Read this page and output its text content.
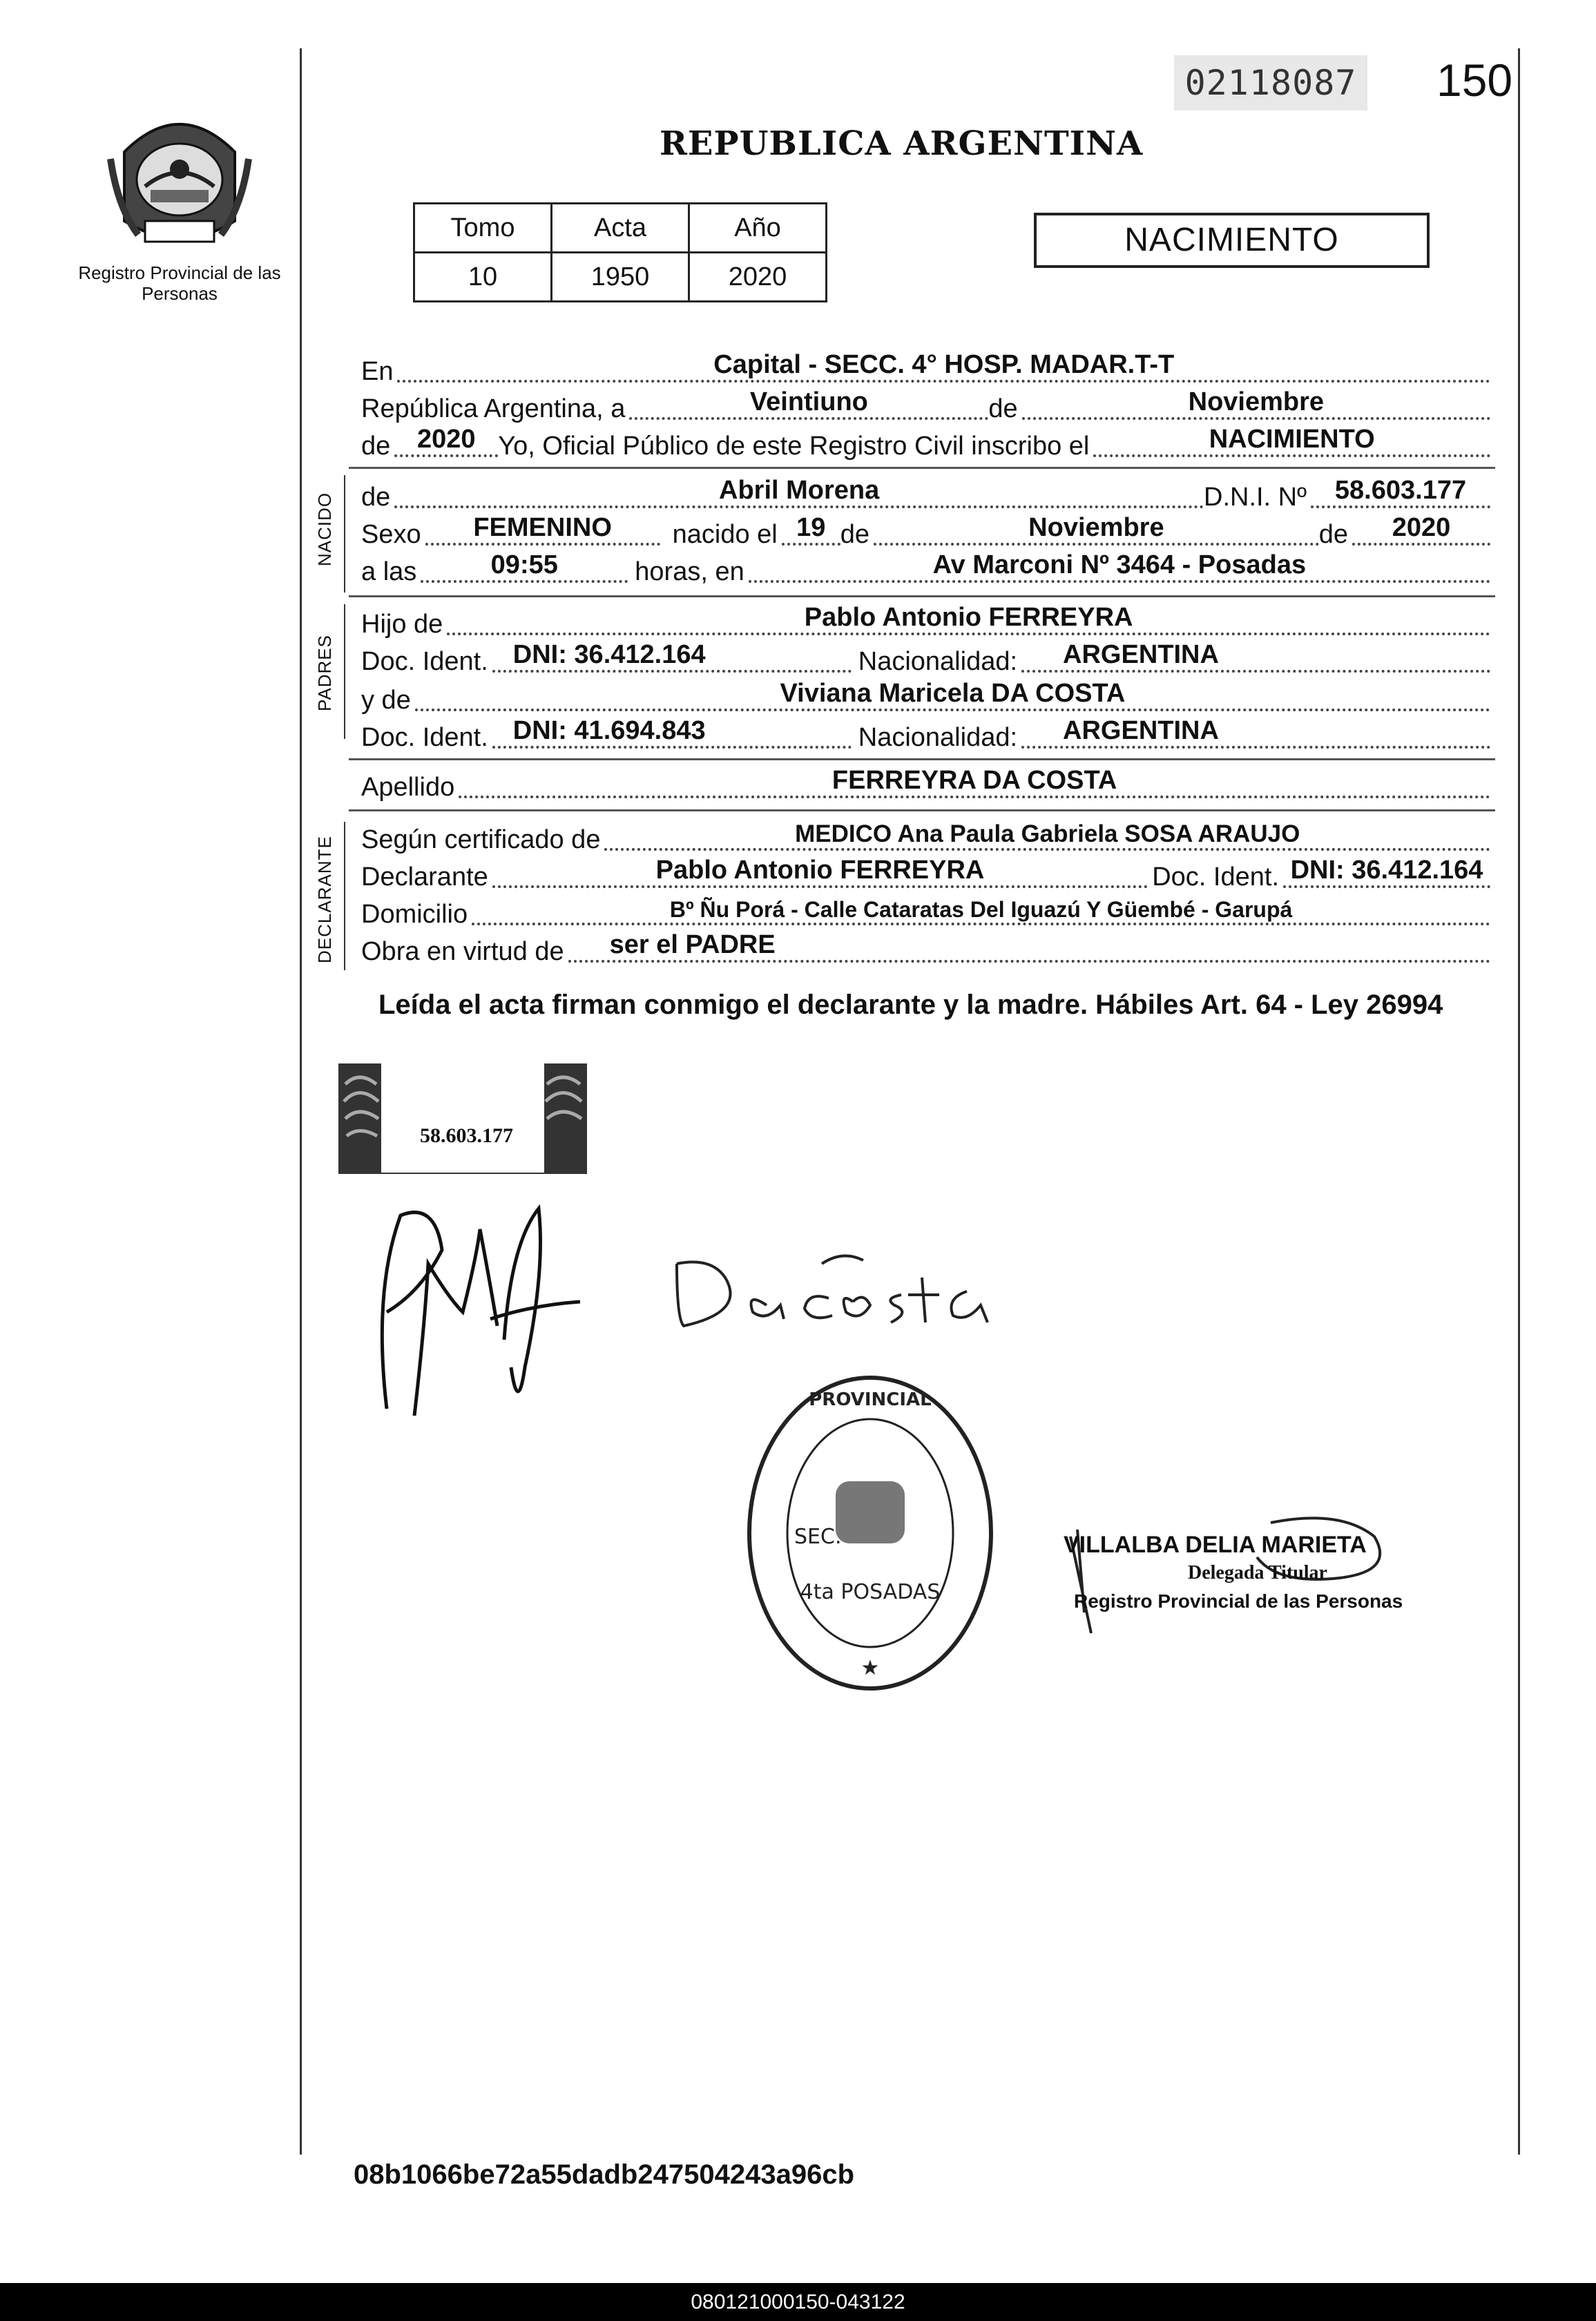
02118087 150
REPUBLICA ARGENTINA
Registro Provincial de las Personas
Tomo	Acta	Año
10	1950	2020
NACIMIENTO
En	Capital - SECC. 4° HOSP. MADAR.T-T
República Argentina, a	Veintiuno	de	Noviembre
de	2020 Yo, Oficial Público de este Registro Civil inscribo el	NACIMIENTO
NACIDO de	Abril Morena	D.N.I. Nº	58.603.177
Sexo	FEMENINO	nacido el 19 de	Noviembre	de	2020
a las	09:55	horas, en	Av Marconi Nº 3464 - Posadas
PADRES
Hijo de	Pablo Antonio FERREYRA
Doc. Ident. DNI: 36.412.164	Nacionalidad:	ARGENTINA
y de	Viviana Maricela DA COSTA
Doc. Ident. DNI: 41.694.843	Nacionalidad:	ARGENTINA
Apellido	FERREYRA DA COSTA
DECLARANTE Según certificado de	MEDICO Ana Paula Gabriela SOSA ARAUJO
Declarante	Pablo Antonio FERREYRA	Doc. Ident. DNI: 36.412.164
Domicilio	Bº Ñu Porá - Calle Cataratas Del Iguazú Y Güembé - Garupá
Obra en virtud de	ser el PADRE
Leída el acta firman conmigo el declarante y la madre. Hábiles Art. 64 - Ley 26994
58.603.177
PROVINCIAL
4ta POSADAS
SEC.
★
VILLALBA DELIA MARIETA
Delegada Titular
Registro Provincial de las Personas
08b1066be72a55dadb247504243a96cb
080121000150-043122
